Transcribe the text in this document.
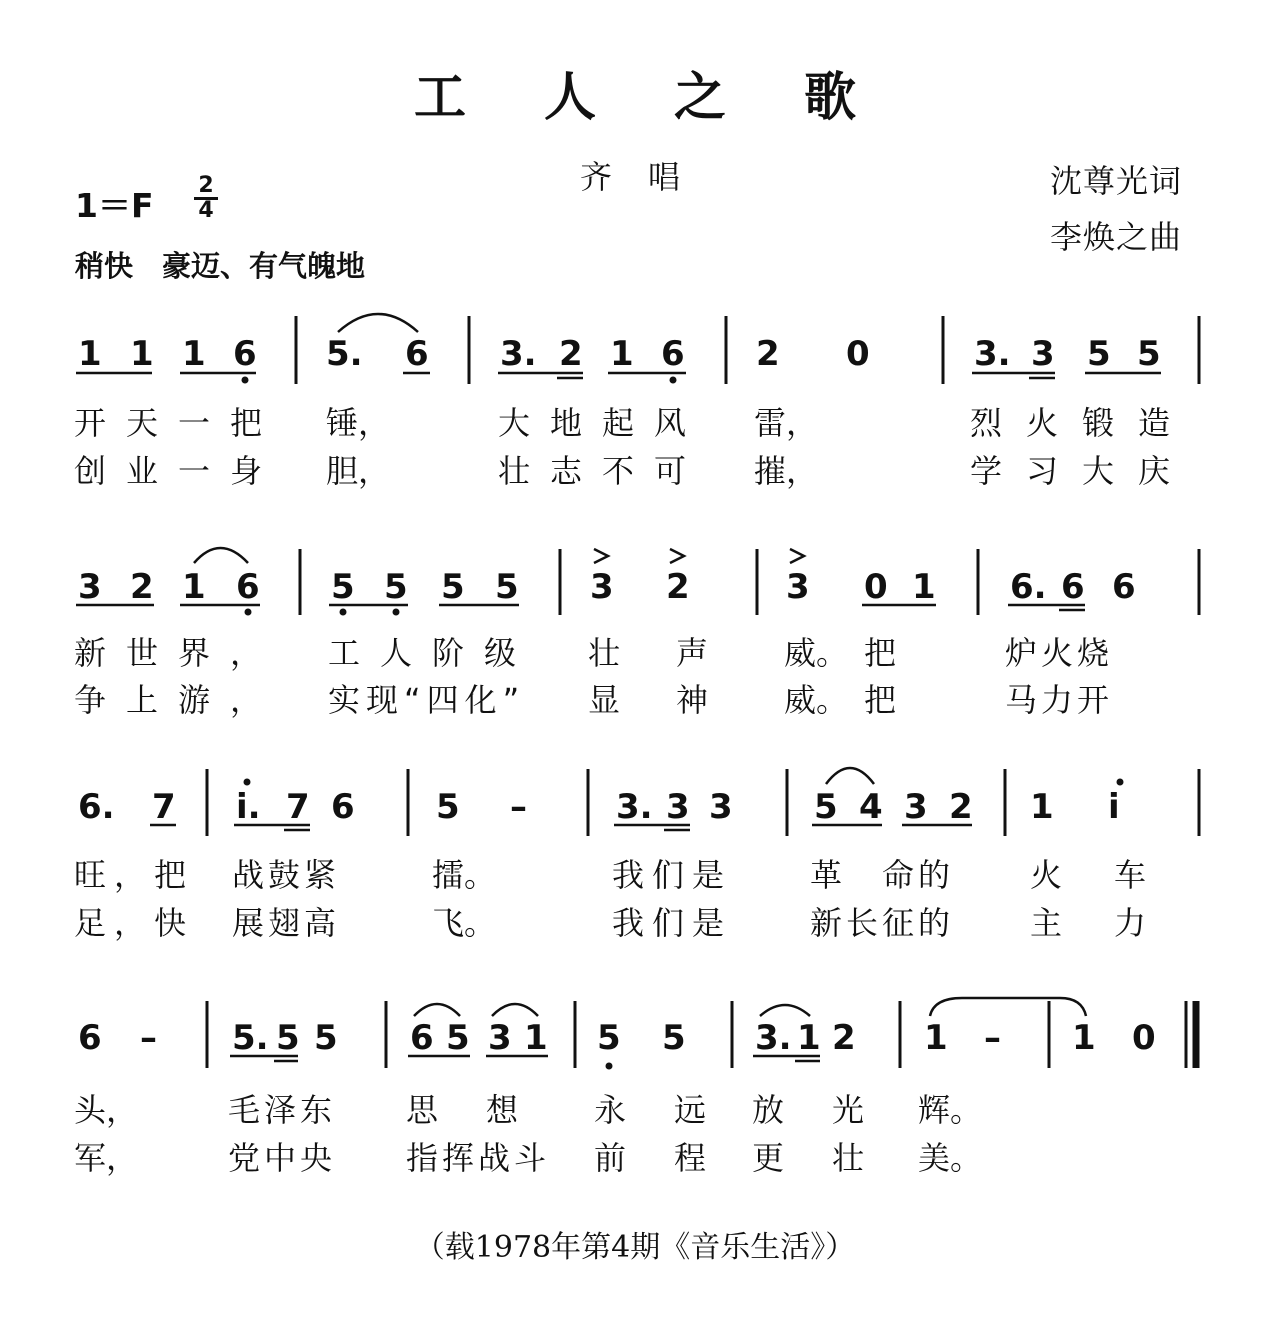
工人之歌
齐唱	沈尊光词
李焕之曲
1＝F
2
4
稍快　豪迈、有气魄地
1 1 1 6 5. 6 3. 2 1 6 2 0	3. 3 5 5
开天一把 锤，	大地起风 雷，	烈火锻造
创业一身 胆，	壮志不可 摧，	学习大庆
3 2 1 6 5 5 5 5 3 2	3 0 1 6. 6 6
新世界， 工人阶级 壮　声 威。　把	炉火烧
争上游， 实现“四化” 显　神 威。　把	马力开
6. 7 i. 7 6 5 –	3. 3 3 5 4 3 2 1 i
旺，把 战鼓紧	擂。	我们是 革　命的 火　车
足，快 展翅高	飞。	我们是 新长征的 主　力
6 – 5. 5 5 6 5 3 1 5 5 3. 1 2 1 – 1 0
头，	毛泽东 思　想 永　远 放　光 辉。
军，	党中央 指挥战斗 前　程 更　壮 美。
（载1978年第4期《音乐生活》）
